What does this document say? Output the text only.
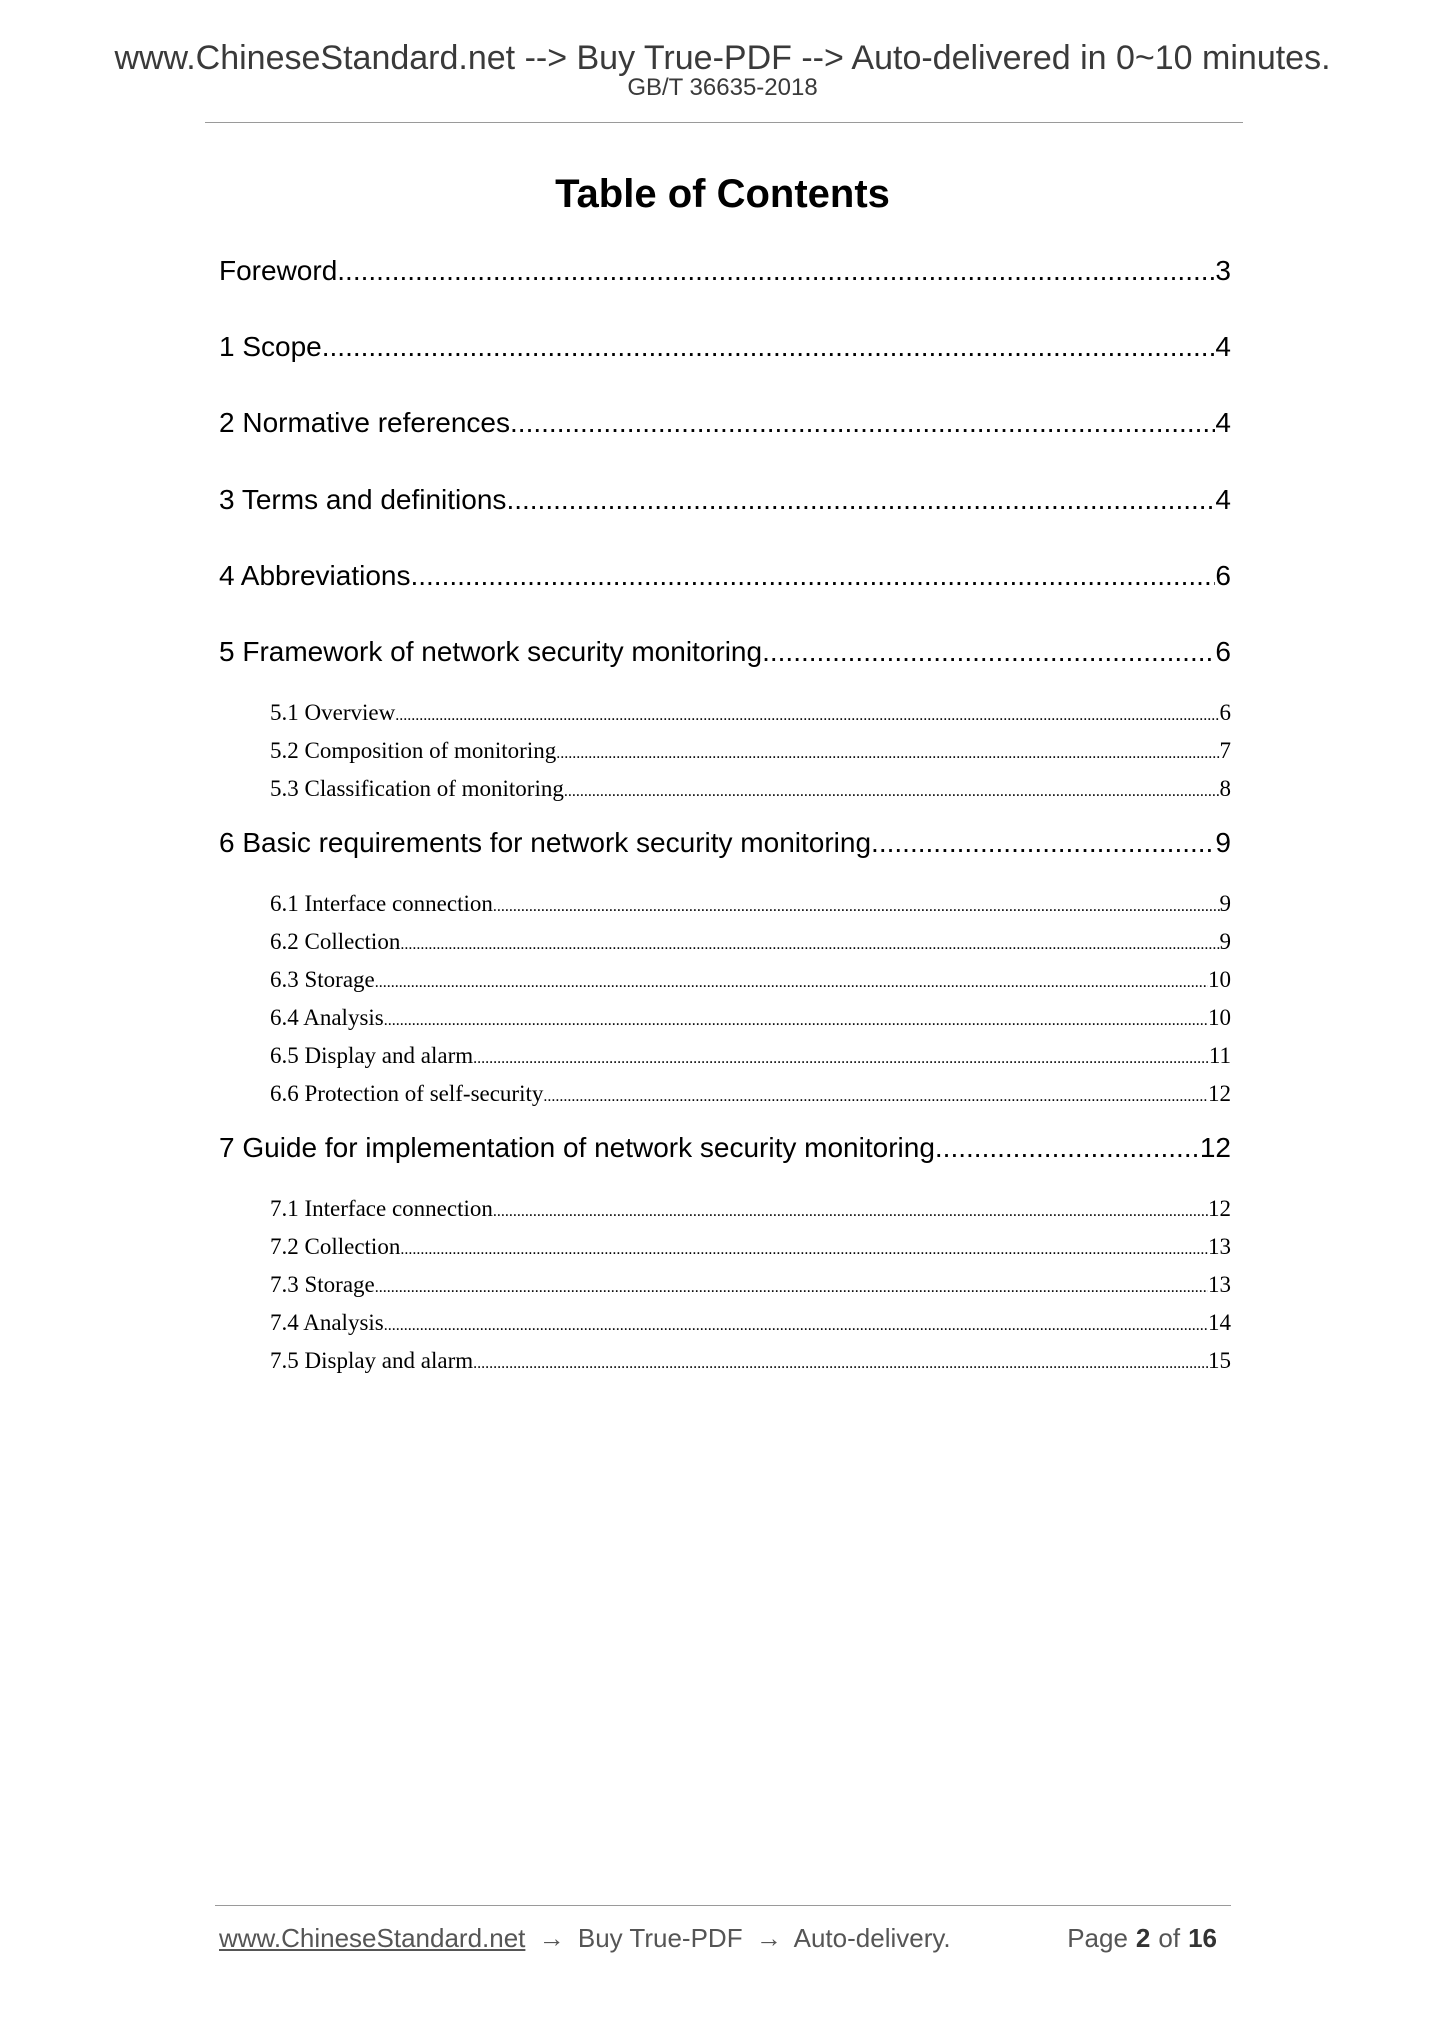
www.ChineseStandard.net --> Buy True-PDF --> Auto-delivered in 0~10 minutes.
GB/T 36635-2018
Table of Contents
Foreword .....	3
1 Scope .....	4
2 Normative references .....	4
3 Terms and definitions .....	4
4 Abbreviations .....	6
5 Framework of network security monitoring .....	6
5.1 Overview .....	6
5.2 Composition of monitoring .....	7
5.3 Classification of monitoring .....	8
6 Basic requirements for network security monitoring .....	9
6.1 Interface connection .....	9
6.2 Collection .....	9
6.3 Storage .....	10
6.4 Analysis .....	10
6.5 Display and alarm .....	11
6.6 Protection of self-security .....	12
7 Guide for implementation of network security monitoring .....	12
7.1 Interface connection .....	12
7.2 Collection .....	13
7.3 Storage .....	13
7.4 Analysis .....	14
7.5 Display and alarm .....	15
www.ChineseStandard.net → Buy True-PDF → Auto-delivery.	Page 2 of 16
